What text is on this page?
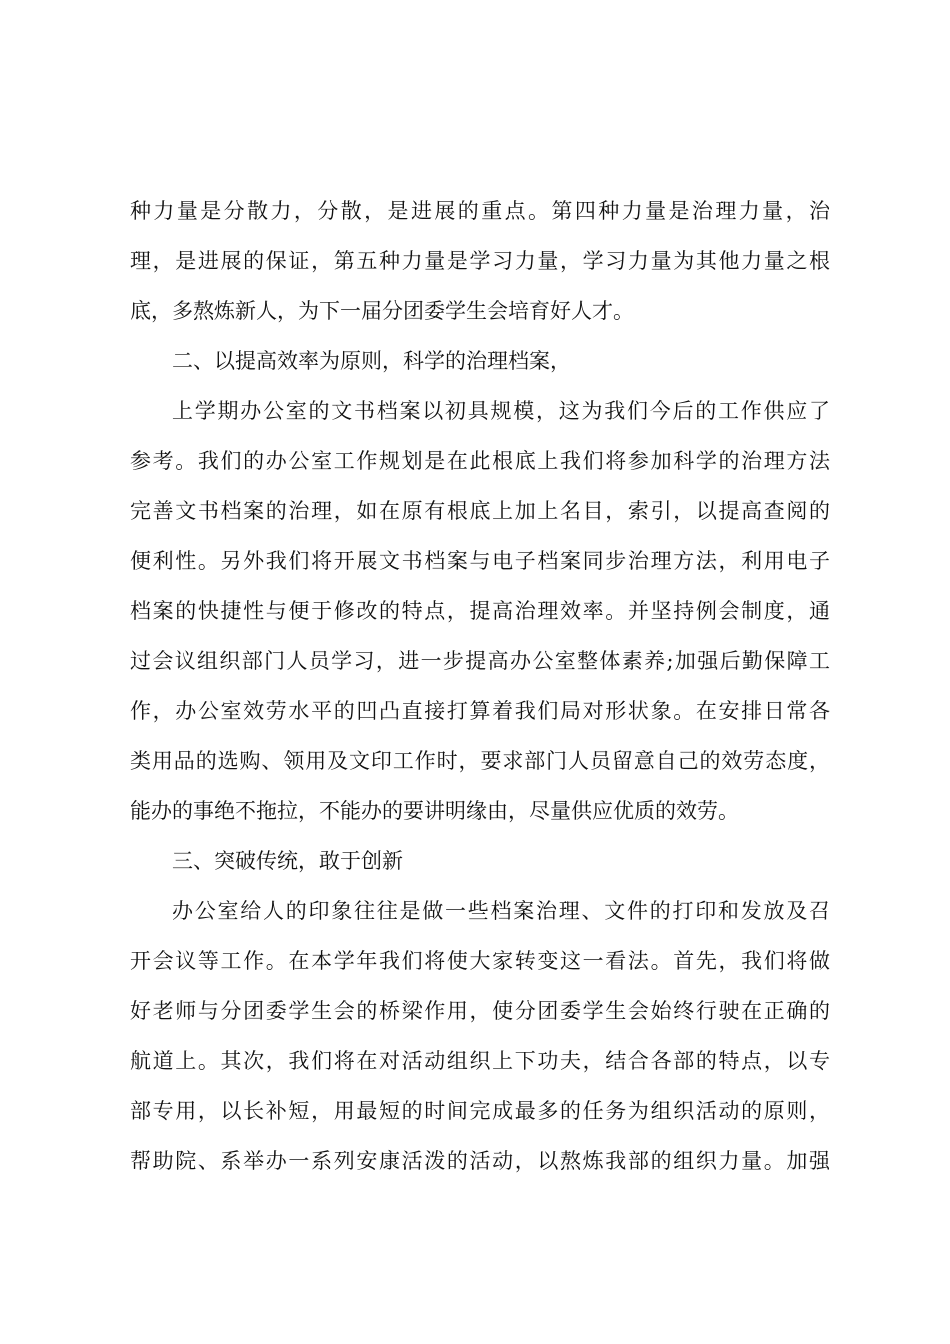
种力量是分散力，分散，是进展的重点。第四种力量是治理力量，治
理，是进展的保证，第五种力量是学习力量，学习力量为其他力量之根
底，多熬炼新人，为下一届分团委学生会培育好人才。
二、以提高效率为原则，科学的治理档案，
上学期办公室的文书档案以初具规模，这为我们今后的工作供应了
参考。我们的办公室工作规划是在此根底上我们将参加科学的治理方法
完善文书档案的治理，如在原有根底上加上名目，索引，以提高查阅的
便利性。另外我们将开展文书档案与电子档案同步治理方法，利用电子
档案的快捷性与便于修改的特点，提高治理效率。并坚持例会制度，通
过会议组织部门人员学习，进一步提高办公室整体素养;加强后勤保障工
作，办公室效劳水平的凹凸直接打算着我们局对形状象。在安排日常各
类用品的选购、领用及文印工作时，要求部门人员留意自己的效劳态度，
能办的事绝不拖拉，不能办的要讲明缘由，尽量供应优质的效劳。
三、突破传统，敢于创新
办公室给人的印象往往是做一些档案治理、文件的打印和发放及召
开会议等工作。在本学年我们将使大家转变这一看法。首先，我们将做
好老师与分团委学生会的桥梁作用，使分团委学生会始终行驶在正确的
航道上。其次，我们将在对活动组织上下功夫，结合各部的特点，以专
部专用，以长补短，用最短的时间完成最多的任务为组织活动的原则，
帮助院、系举办一系列安康活泼的活动，以熬炼我部的组织力量。加强
